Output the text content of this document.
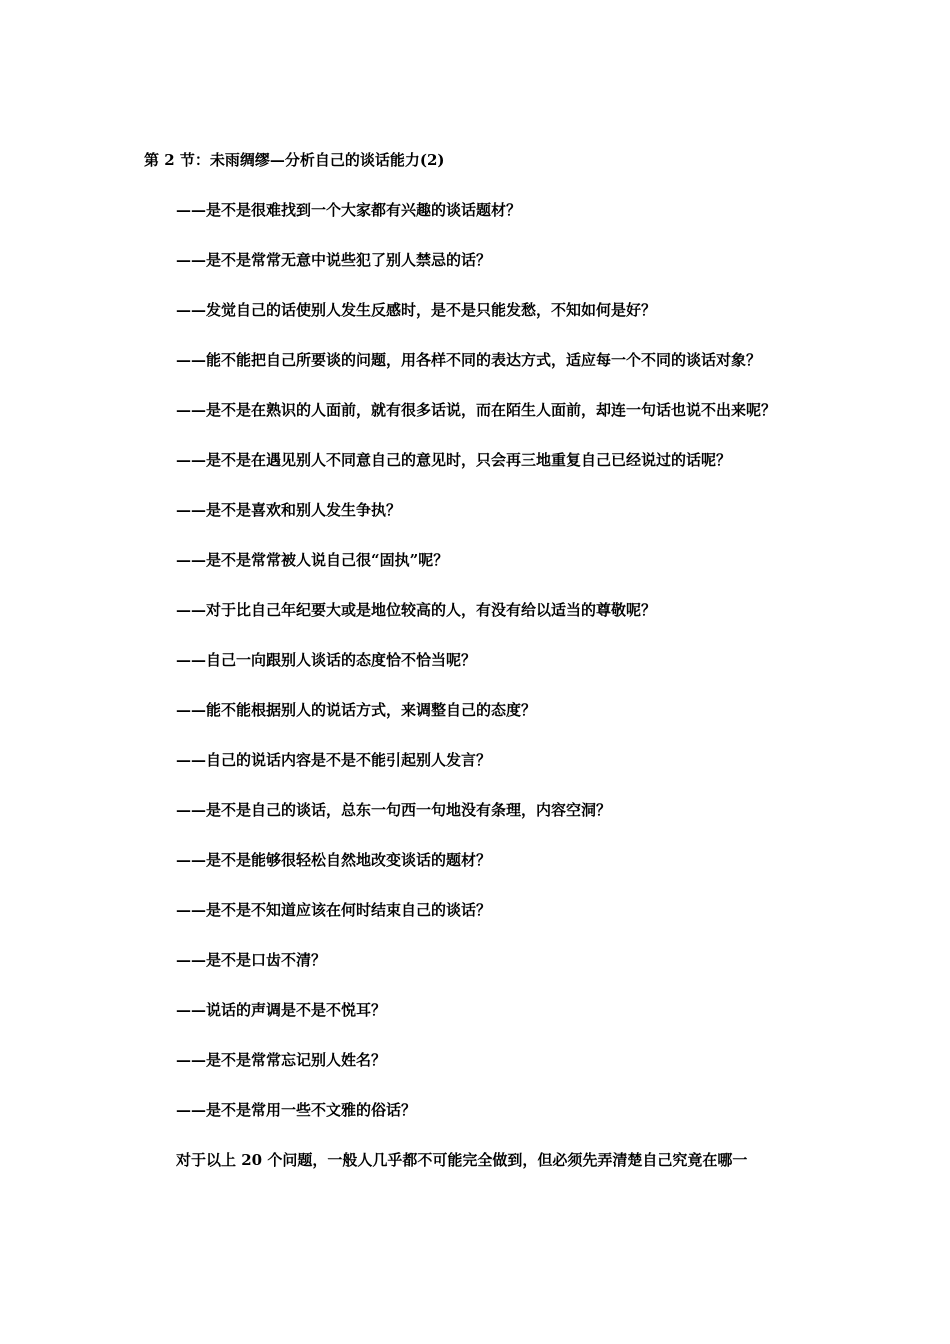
第 2 节：未雨绸缪—分析自己的谈话能力(2)
——是不是很难找到一个大家都有兴趣的谈话题材？
——是不是常常无意中说些犯了别人禁忌的话？
——发觉自己的话使别人发生反感时，是不是只能发愁，不知如何是好？
——能不能把自己所要谈的问题，用各样不同的表达方式，适应每一个不同的谈话对象？
——是不是在熟识的人面前，就有很多话说，而在陌生人面前，却连一句话也说不出来呢？
——是不是在遇见别人不同意自己的意见时，只会再三地重复自己已经说过的话呢？
——是不是喜欢和别人发生争执？
——是不是常常被人说自己很“固执”呢？
——对于比自己年纪要大或是地位较高的人，有没有给以适当的尊敬呢？
——自己一向跟别人谈话的态度恰不恰当呢？
——能不能根据别人的说话方式，来调整自己的态度？
——自己的说话内容是不是不能引起别人发言？
——是不是自己的谈话，总东一句西一句地没有条理，内容空洞？
——是不是能够很轻松自然地改变谈话的题材？
——是不是不知道应该在何时结束自己的谈话？
——是不是口齿不清？
——说话的声调是不是不悦耳？
——是不是常常忘记别人姓名？
——是不是常用一些不文雅的俗话？
对于以上 20 个问题，一般人几乎都不可能完全做到，但必须先弄清楚自己究竟在哪一
